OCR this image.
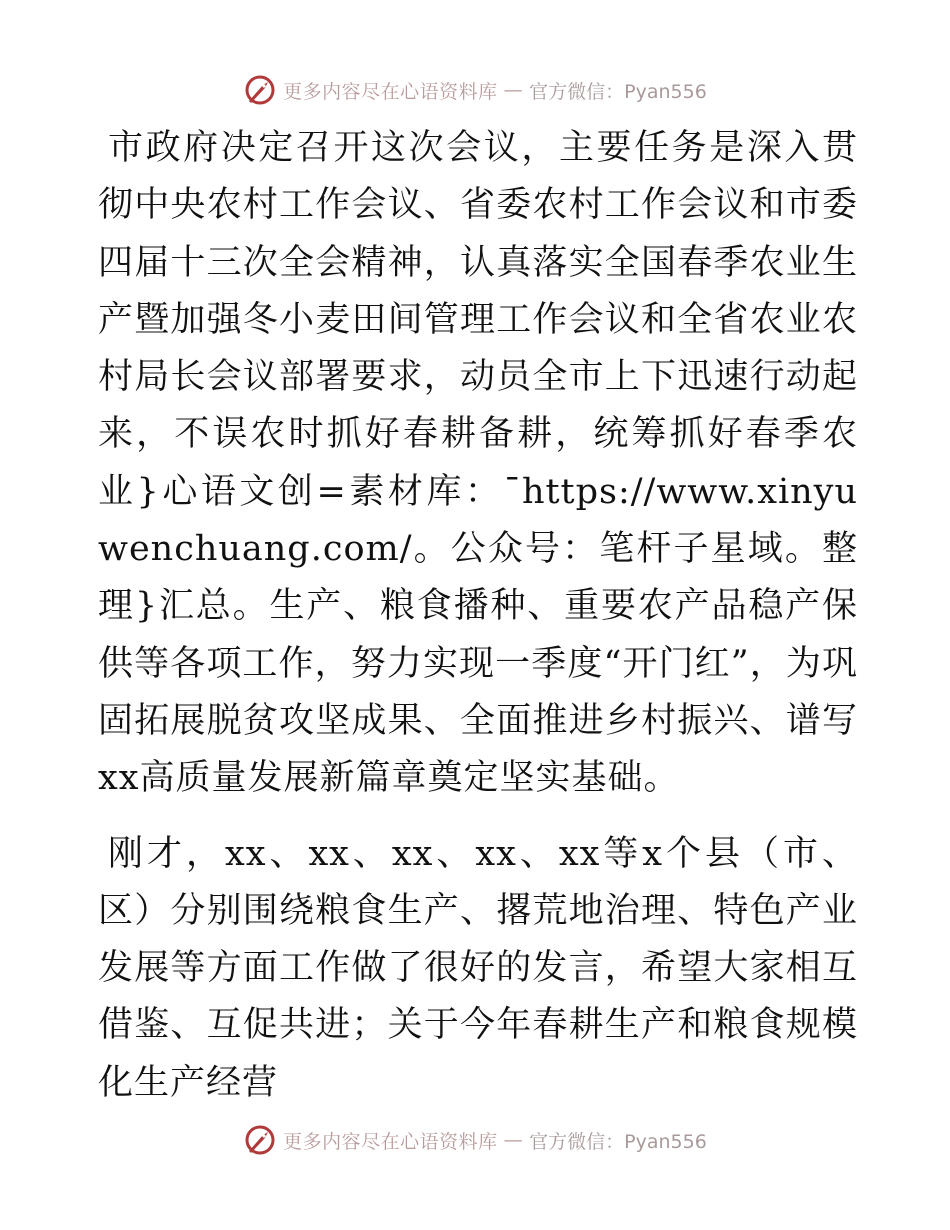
更多内容尽在心语资料库 — 官方微信：Pyan556

市政府决定召开这次会议，主要任务是深入贯彻中央农村工作会议、省委农村工作会议和市委四届十三次全会精神，认真落实全国春季农业生产暨加强冬小麦田间管理工作会议和全省农业农村局长会议部署要求，动员全市上下迅速行动起来，不误农时抓好春耕备耕，统筹抓好春季农业}心语文创=素材库：¯https://www.xinyuwenchuang.com/。公众号：笔杆子星域。整理}汇总。生产、粮食播种、重要农产品稳产保供等各项工作，努力实现一季度“开门红”，为巩固拓展脱贫攻坚成果、全面推进乡村振兴、谱写xx高质量发展新篇章奠定坚实基础。

刚才，xx、xx、xx、xx、xx等x个县（市、区）分别围绕粮食生产、撂荒地治理、特色产业发展等方面工作做了很好的发言，希望大家相互借鉴、互促共进；关于今年春耕生产和粮食规模化生产经营

更多内容尽在心语资料库 — 官方微信：Pyan556
